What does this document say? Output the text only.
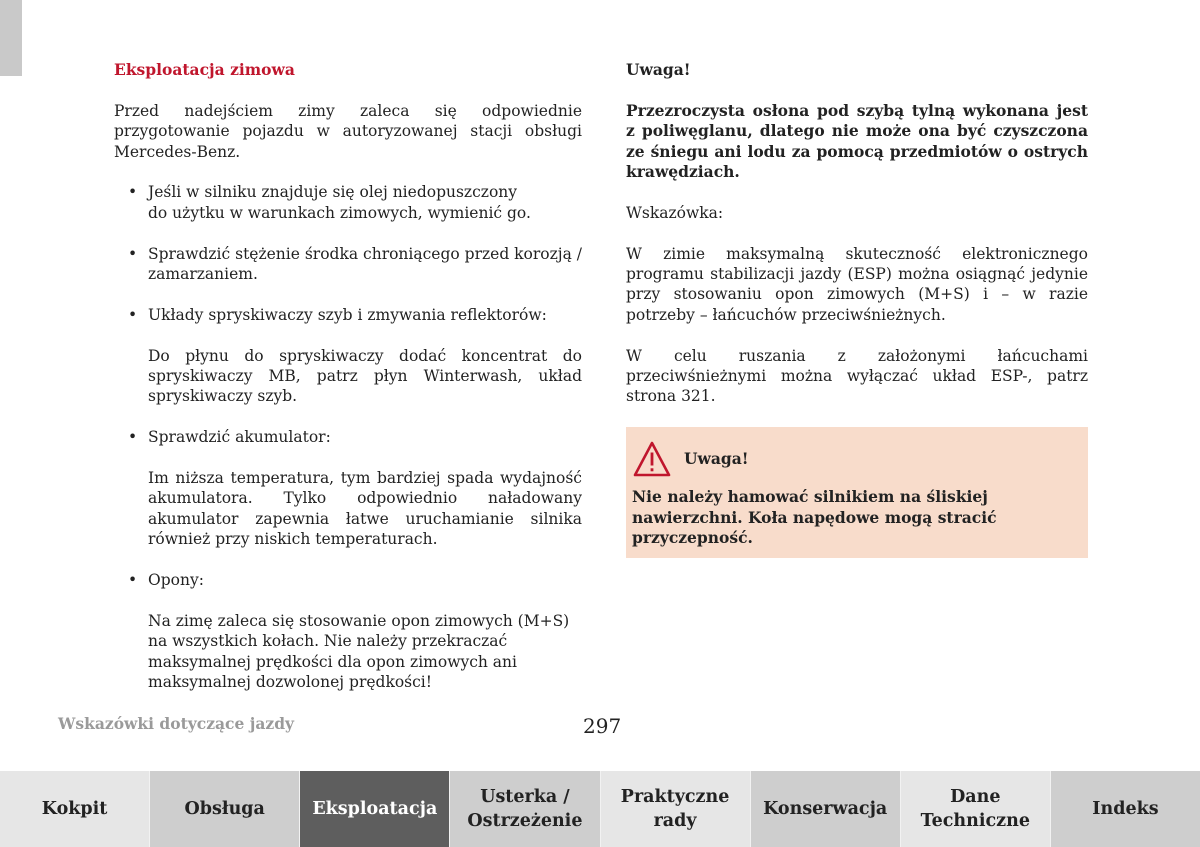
Eksploatacja zimowa
Przed nadejściem zimy zaleca się odpowiednie przygotowanie pojazdu w autoryzowanej stacji obsługi Mercedes-Benz.
• Jeśli w silniku znajduje się olej niedopuszczony
do użytku w warunkach zimowych, wymienić go.
• Sprawdzić stężenie środka chroniącego przed korozją / zamarzaniem.
• Układy spryskiwaczy szyb i zmywania reflektorów:
Do płynu do spryskiwaczy dodać koncentrat do spryskiwaczy MB, patrz płyn Winterwash, układ spryskiwaczy szyb.
• Sprawdzić akumulator:
Im niższa temperatura, tym bardziej spada wydajność akumulatora. Tylko odpowiednio naładowany akumulator zapewnia łatwe uruchamianie silnika również przy niskich temperaturach.
• Opony:
Na zimę zaleca się stosowanie opon zimowych (M+S)
na wszystkich kołach. Nie należy przekraczać maksymalnej prędkości dla opon zimowych ani maksymalnej dozwolonej prędkości!
Uwaga!
Przezroczysta osłona pod szybą tylną wykonana jest z poliwęglanu, dlatego nie może ona być czyszczona ze śniegu ani lodu za pomocą przedmiotów o ostrych krawędziach.
Wskazówka:
W zimie maksymalną skuteczność elektronicznego programu stabilizacji jazdy (ESP) można osiągnąć jedynie przy stosowaniu opon zimowych (M+S) i – w razie potrzeby – łańcuchów przeciwśnieżnych.
W celu ruszania z założonymi łańcuchami przeciwśnieżnymi można wyłączać układ ESP-, patrz strona 321.
Uwaga!
Nie należy hamować silnikiem na śliskiej nawierzchni. Koła napędowe mogą stracić przyczepność.
Wskazówki dotyczące jazdy	297
Kokpit	Obsługa	Eksploatacja
Usterka /
Ostrzeżenie
Praktyczne
rady
Konserwacja
Dane
Techniczne
Indeks
